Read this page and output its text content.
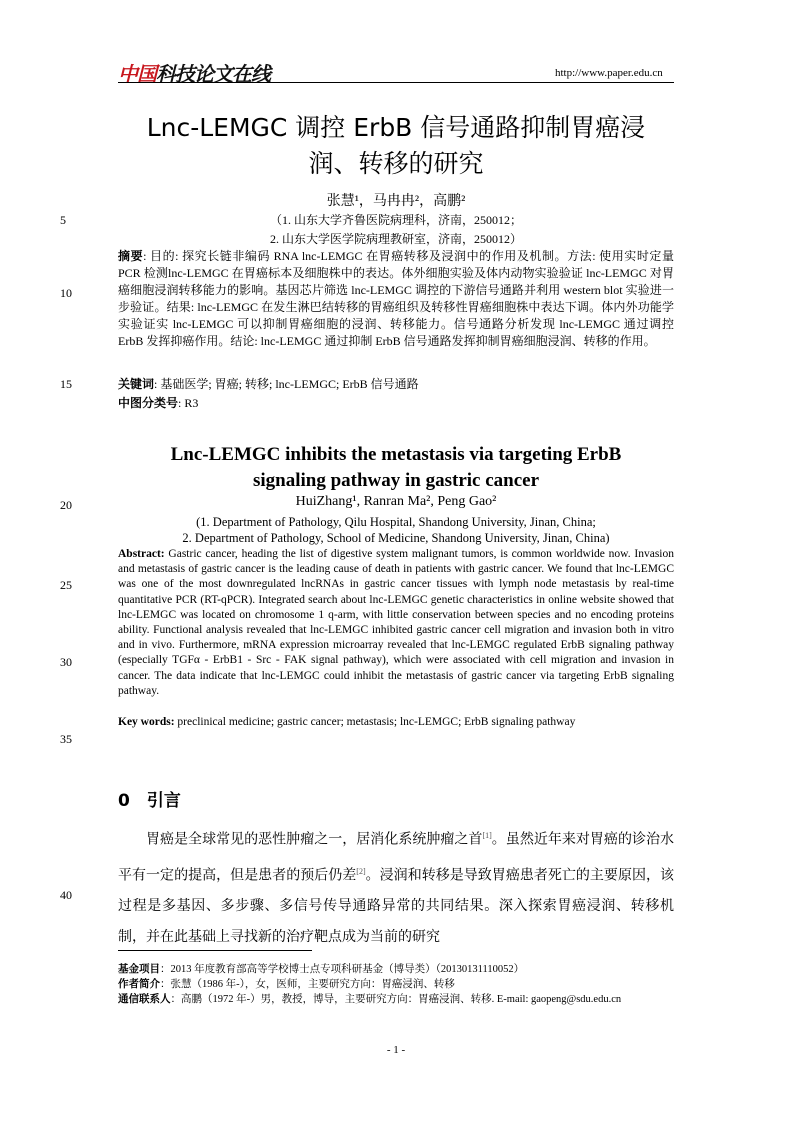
中国科技论文在线	http://www.paper.edu.cn
Lnc-LEMGC 调控 ErbB 信号通路抑制胃癌浸
润、转移的研究
张慧¹，马冉冉²，高鹏²
（1. 山东大学齐鲁医院病理科，济南，250012；
2. 山东大学医学院病理教研室，济南，250012）
5
10
15
20
25
30
35
40
摘要: 目的: 探究长链非编码 RNA lnc-LEMGC 在胃癌转移及浸润中的作用及机制。方法: 使用实时定量PCR 检测lnc-LEMGC 在胃癌标本及细胞株中的表达。体外细胞实验及体内动物实验验证 lnc-LEMGC 对胃癌细胞浸润转移能力的影响。基因芯片筛选 lnc-LEMGC 调控的下游信号通路并利用 western blot 实验进一步验证。结果: lnc-LEMGC 在发生淋巴结转移的胃癌组织及转移性胃癌细胞株中表达下调。体内外功能学实验证实 lnc-LEMGC 可以抑制胃癌细胞的浸润、转移能力。信号通路分析发现 lnc-LEMGC 通过调控 ErbB 发挥抑癌作用。结论: lnc-LEMGC 通过抑制 ErbB 信号通路发挥抑制胃癌细胞浸润、转移的作用。
关键词: 基础医学; 胃癌; 转移; lnc-LEMGC; ErbB 信号通路
中图分类号: R3
Lnc-LEMGC inhibits the metastasis via targeting ErbB
signaling pathway in gastric cancer
HuiZhang¹, Ranran Ma², Peng Gao²
(1. Department of Pathology, Qilu Hospital, Shandong University, Jinan, China;
2. Department of Pathology, School of Medicine, Shandong University, Jinan, China)
Abstract: Gastric cancer, heading the list of digestive system malignant tumors, is common worldwide now. Invasion and metastasis of gastric cancer is the leading cause of death in patients with gastric cancer. We found that lnc-LEMGC was one of the most downregulated lncRNAs in gastric cancer tissues with lymph node metastasis by real-time quantitative PCR (RT-qPCR). Integrated search about lnc-LEMGC genetic characteristics in online website showed that lnc-LEMGC was located on chromosome 1 q-arm, with little conservation between species and no encoding proteins ability. Functional analysis revealed that lnc-LEMGC inhibited gastric cancer cell migration and invasion both in vitro and in vivo. Furthermore, mRNA expression microarray revealed that lnc-LEMGC regulated ErbB signaling pathway (especially TGFα - ErbB1 - Src - FAK signal pathway), which were associated with cell migration and invasion in cancer. The data indicate that lnc-LEMGC could inhibit the metastasis of gastric cancer via targeting ErbB signaling pathway.
Key words: preclinical medicine; gastric cancer; metastasis; lnc-LEMGC; ErbB signaling pathway
0　引言
胃癌是全球常见的恶性肿瘤之一，居消化系统肿瘤之首[1]。虽然近年来对胃癌的诊治水平有一定的提高，但是患者的预后仍差[2]。浸润和转移是导致胃癌患者死亡的主要原因，该过程是多基因、多步骤、多信号传导通路异常的共同结果。深入探索胃癌浸润、转移机制，并在此基础上寻找新的治疗靶点成为当前的研究
基金项目：2013 年度教育部高等学校博士点专项科研基金（博导类）（20130131110052）
作者简介：张慧（1986 年-），女，医师，主要研究方向：胃癌浸润、转移
通信联系人：高鹏（1972 年-）男，教授，博导，主要研究方向：胃癌浸润、转移. E-mail: gaopeng@sdu.edu.cn
- 1 -
